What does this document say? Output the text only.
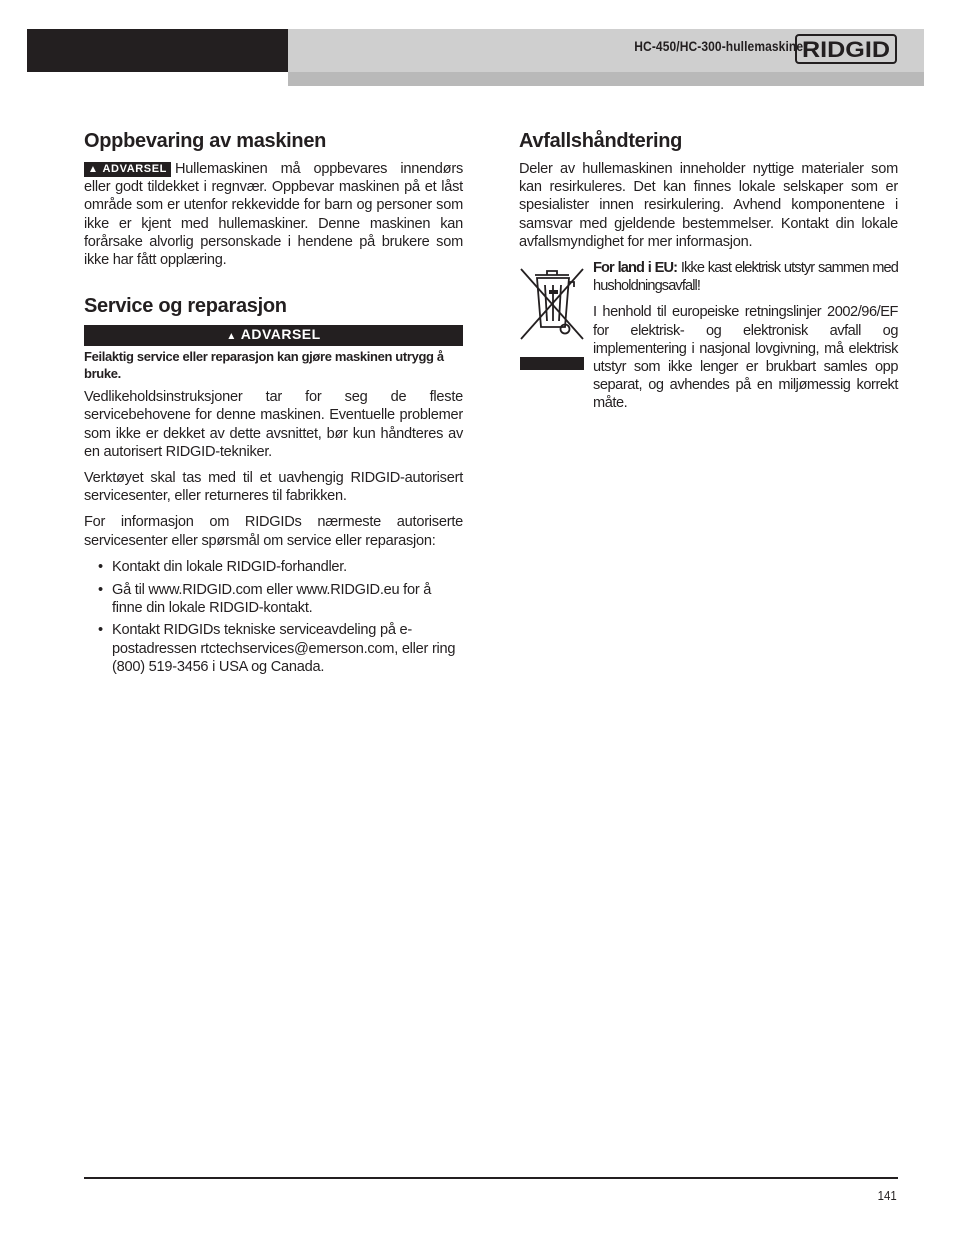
HC-450/HC-300-hullemaskiner
RIDGID
Oppbevaring av maskinen

▲ ADVARSEL Hullemaskinen må oppbevares innendørs eller godt tildekket i regnvær. Oppbevar maskinen på et låst område som er utenfor rekkevidde for barn og personer som ikke er kjent med hullemaskiner. Denne maskinen kan forårsake alvorlig personskade i hendene på brukere som ikke har fått opplæring.

Service og reparasjon
▲ ADVARSEL
Feilaktig service eller reparasjon kan gjøre maskinen utrygg å bruke.

Vedlikeholdsinstruksjoner tar for seg de fleste servicebehovene for denne maskinen. Eventuelle problemer som ikke er dekket av dette avsnittet, bør kun håndteres av en autorisert RIDGID-tekniker.

Verktøyet skal tas med til et uavhengig RIDGID-autorisert servicesenter, eller returneres til fabrikken.

For informasjon om RIDGIDs nærmeste autoriserte servicesenter eller spørsmål om service eller reparasjon:

• Kontakt din lokale RIDGID-forhandler.
• Gå til www.RIDGID.com eller www.RIDGID.eu for å finne din lokale RIDGID-kontakt.
• Kontakt RIDGIDs tekniske serviceavdeling på e-postadressen rtctechservices@emerson.com, eller ring (800) 519-3456 i USA og Canada.
Avfallshåndtering

Deler av hullemaskinen inneholder nyttige materialer som kan resirkuleres. Det kan finnes lokale selskaper som er spesialister innen resirkulering. Avhend komponentene i samsvar med gjeldende bestemmelser. Kontakt din lokale avfallsmyndighet for mer informasjon.

For land i EU: Ikke kast elektrisk utstyr sammen med husholdningsavfall!

I henhold til europeiske retningslinjer 2002/96/EF for elektrisk- og elektronisk avfall og implementering i nasjonal lovgivning, må elektrisk utstyr som ikke lenger er brukbart samles opp separat, og avhendes på en miljømessig korrekt måte.

141
